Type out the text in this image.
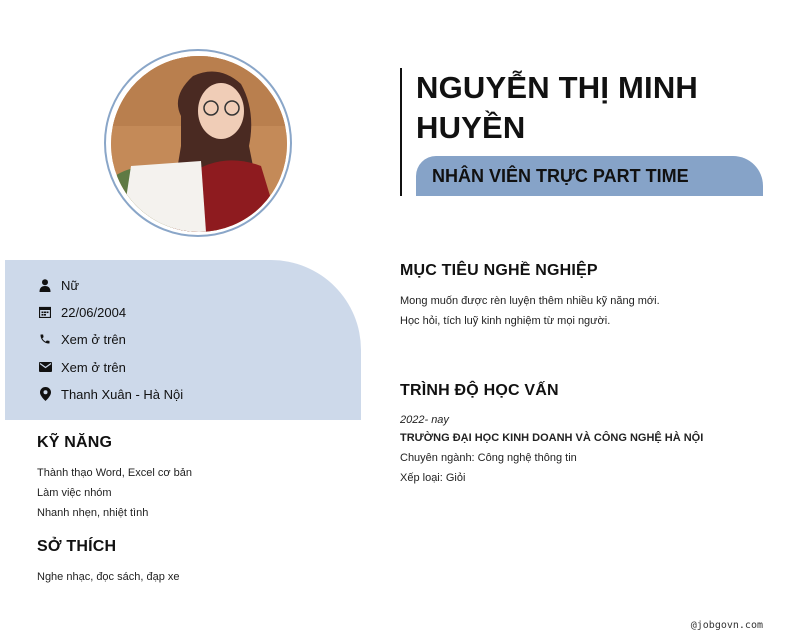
NGUYỄN THỊ MINH HUYỀN
NHÂN VIÊN TRỰC PART TIME
Nữ
22/06/2004
Xem ở trên
Xem ở trên
Thanh Xuân - Hà Nội
KỸ NĂNG
Thành thạo Word, Excel cơ bản
Làm việc nhóm
Nhanh nhẹn, nhiệt tình
SỞ THÍCH
Nghe nhạc, đọc sách, đạp xe
MỤC TIÊU NGHỀ NGHIỆP
Mong muốn được rèn luyện thêm nhiều kỹ năng mới.
Học hỏi, tích luỹ kinh nghiệm từ mọi người.
TRÌNH ĐỘ HỌC VẤN
2022- nay
TRƯỜNG ĐẠI HỌC KINH DOANH VÀ CÔNG NGHỆ HÀ NỘI
Chuyên ngành: Công nghệ thông tin
Xếp loại: Giỏi
@jobgovn.com
